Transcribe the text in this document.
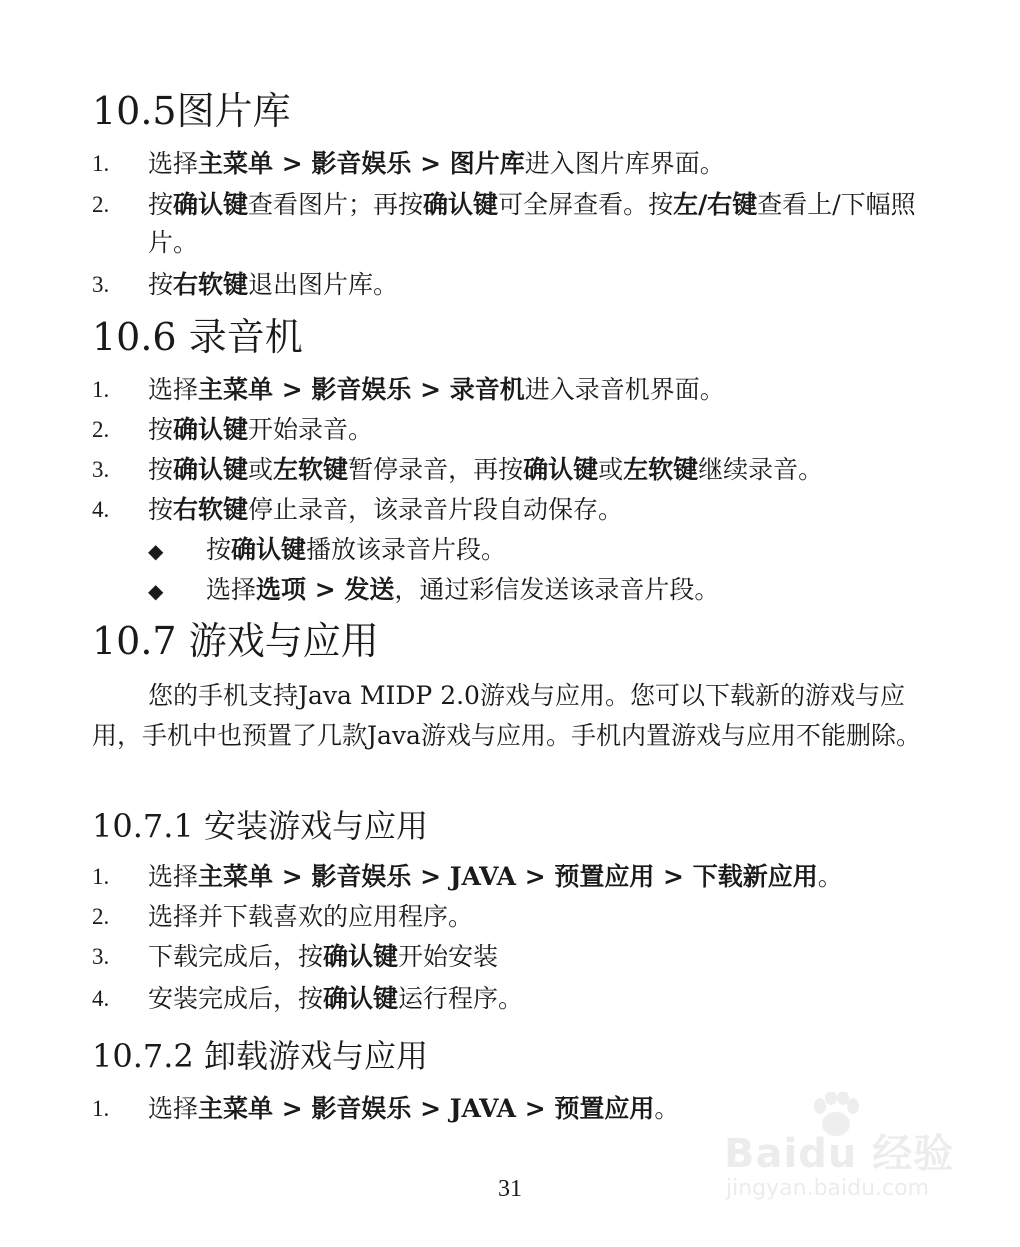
10.5图片库
1. 选择主菜单 > 影音娱乐 > 图片库进入图片库界面。
2. 按确认键查看图片；再按确认键可全屏查看。按左/右键查看上/下幅照片。
3. 按右软键退出图片库。
10.6 录音机
1. 选择主菜单 > 影音娱乐 > 录音机进入录音机界面。
2. 按确认键开始录音。
3. 按确认键或左软键暂停录音，再按确认键或左软键继续录音。
4. 按右软键停止录音，该录音片段自动保存。
◆ 按确认键播放该录音片段。
◆ 选择选项 > 发送，通过彩信发送该录音片段。
10.7 游戏与应用

您的手机支持Java MIDP 2.0游戏与应用。您可以下载新的游戏与应用，手机中也预置了几款Java游戏与应用。手机内置游戏与应用不能删除。

10.7.1 安装游戏与应用
1. 选择主菜单 > 影音娱乐 > JAVA > 预置应用 > 下载新应用。
2. 选择并下载喜欢的应用程序。
3. 下载完成后，按确认键开始安装
4. 安装完成后，按确认键运行程序。
10.7.2 卸载游戏与应用
1. 选择主菜单 > 影音娱乐 > JAVA > 预置应用。
31
Baidu 经验
jingyan.baidu.com
